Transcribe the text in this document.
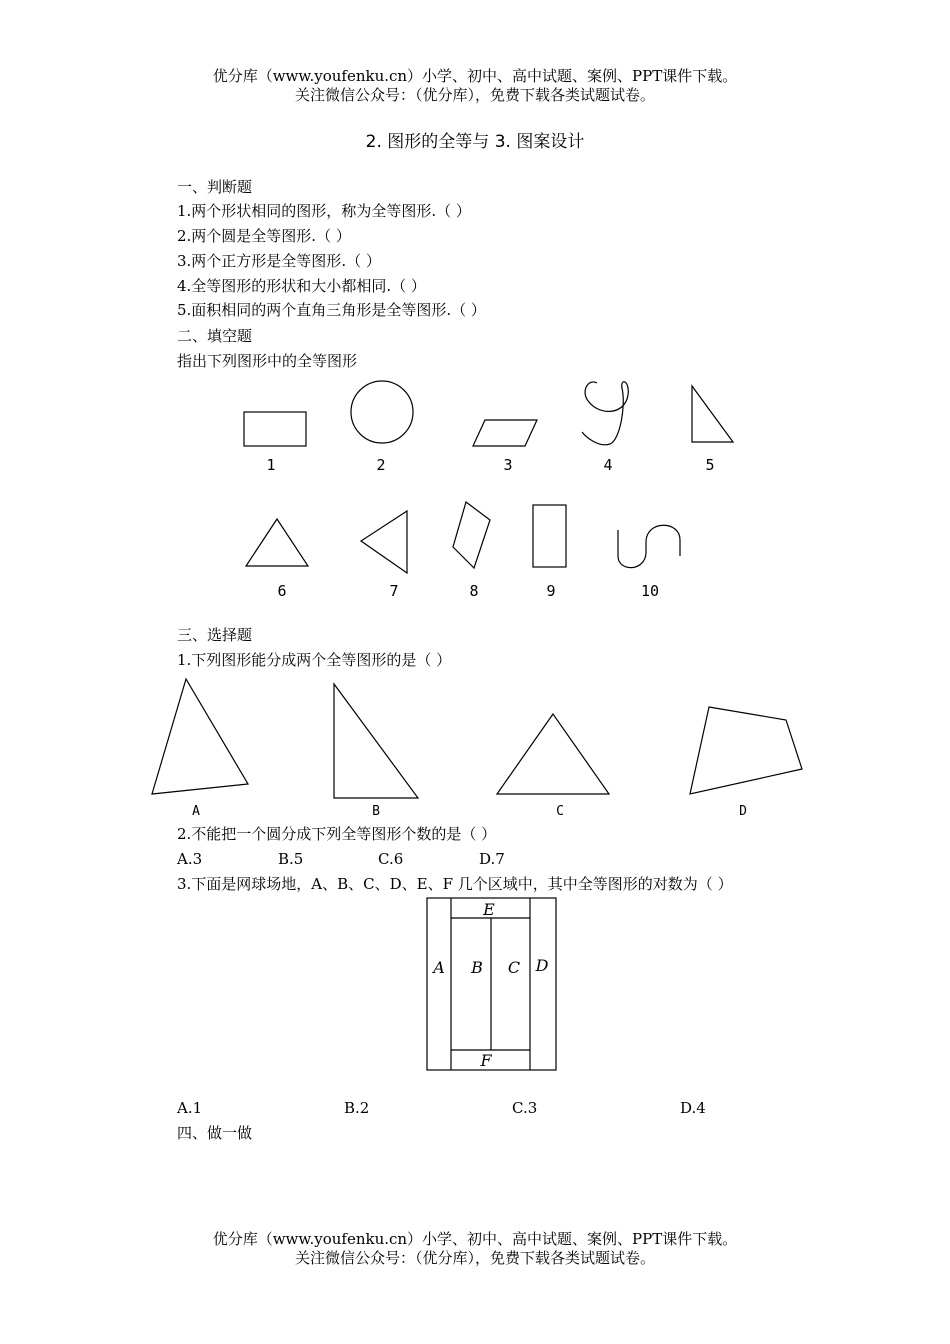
优分库（www.youfenku.cn）小学、初中、高中试题、案例、PPT课件下载。
关注微信公众号：（优分库），免费下载各类试题试卷。
2. 图形的全等与 3. 图案设计
一、判断题
1.两个形状相同的图形，称为全等图形.（ ）
2.两个圆是全等图形.（ ）
3.两个正方形是全等图形.（ ）
4.全等图形的形状和大小都相同.（ ）
5.面积相同的两个直角三角形是全等图形.（ ）
二、填空题
指出下列图形中的全等图形
三、选择题
1.下列图形能分成两个全等图形的是（ ）
2.不能把一个圆分成下列全等图形个数的是（ ）
A.3	B.5	C.6	D.7
3.下面是网球场地，A、B、C、D、E、F 几个区域中，其中全等图形的对数为（ ）
A.1	B.2	C.3	D.4
四、做一做
优分库（www.youfenku.cn）小学、初中、高中试题、案例、PPT课件下载。
关注微信公众号：（优分库），免费下载各类试题试卷。
1	2	3	4	5
6	7	8	9	10
A	B	C	D
A B C D
E
F
